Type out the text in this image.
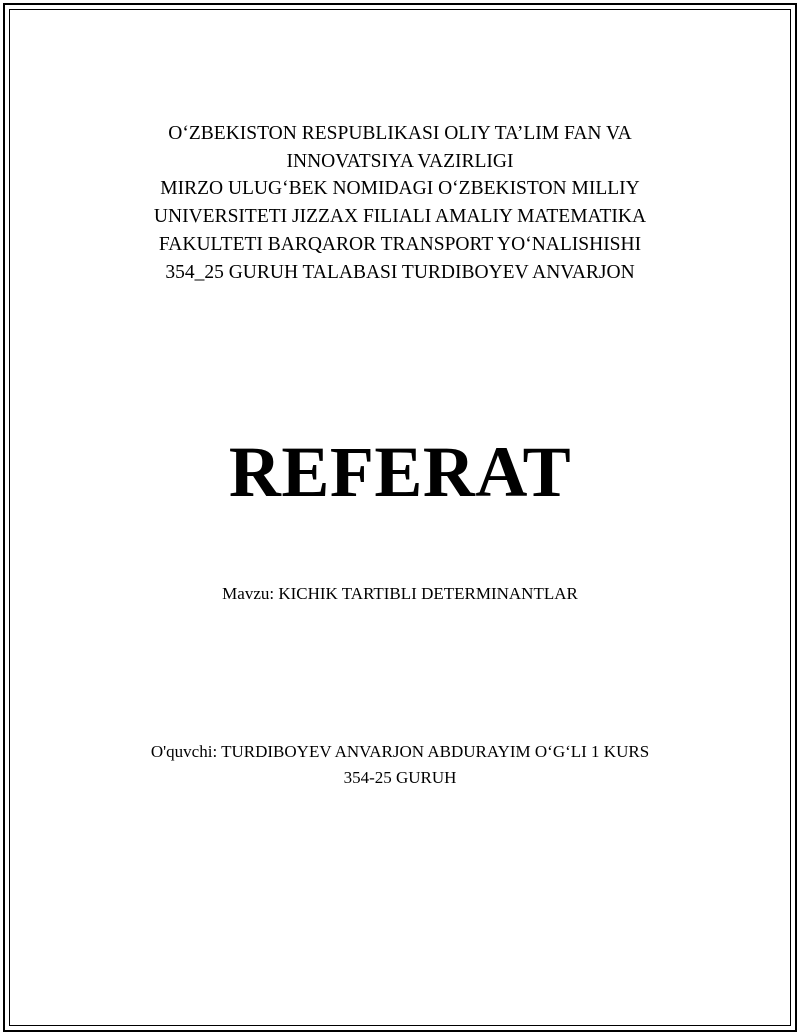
O‘ZBEKISTON RESPUBLIKASI OLIY TA’LIM FAN VA
INNOVATSIYA VAZIRLIGI
MIRZO ULUG‘BEK NOMIDAGI O‘ZBEKISTON MILLIY
UNIVERSITETI JIZZAX FILIALI AMALIY MATEMATIKA
FAKULTETI BARQAROR TRANSPORT YO‘NALISHISHI
354_25 GURUH TALABASI TURDIBOYEV ANVARJON
REFERAT
Mavzu: KICHIK TARTIBLI DETERMINANTLAR
O'quvchi: TURDIBOYEV ANVARJON ABDURAYIM O‘G‘LI 1 KURS
354-25 GURUH
